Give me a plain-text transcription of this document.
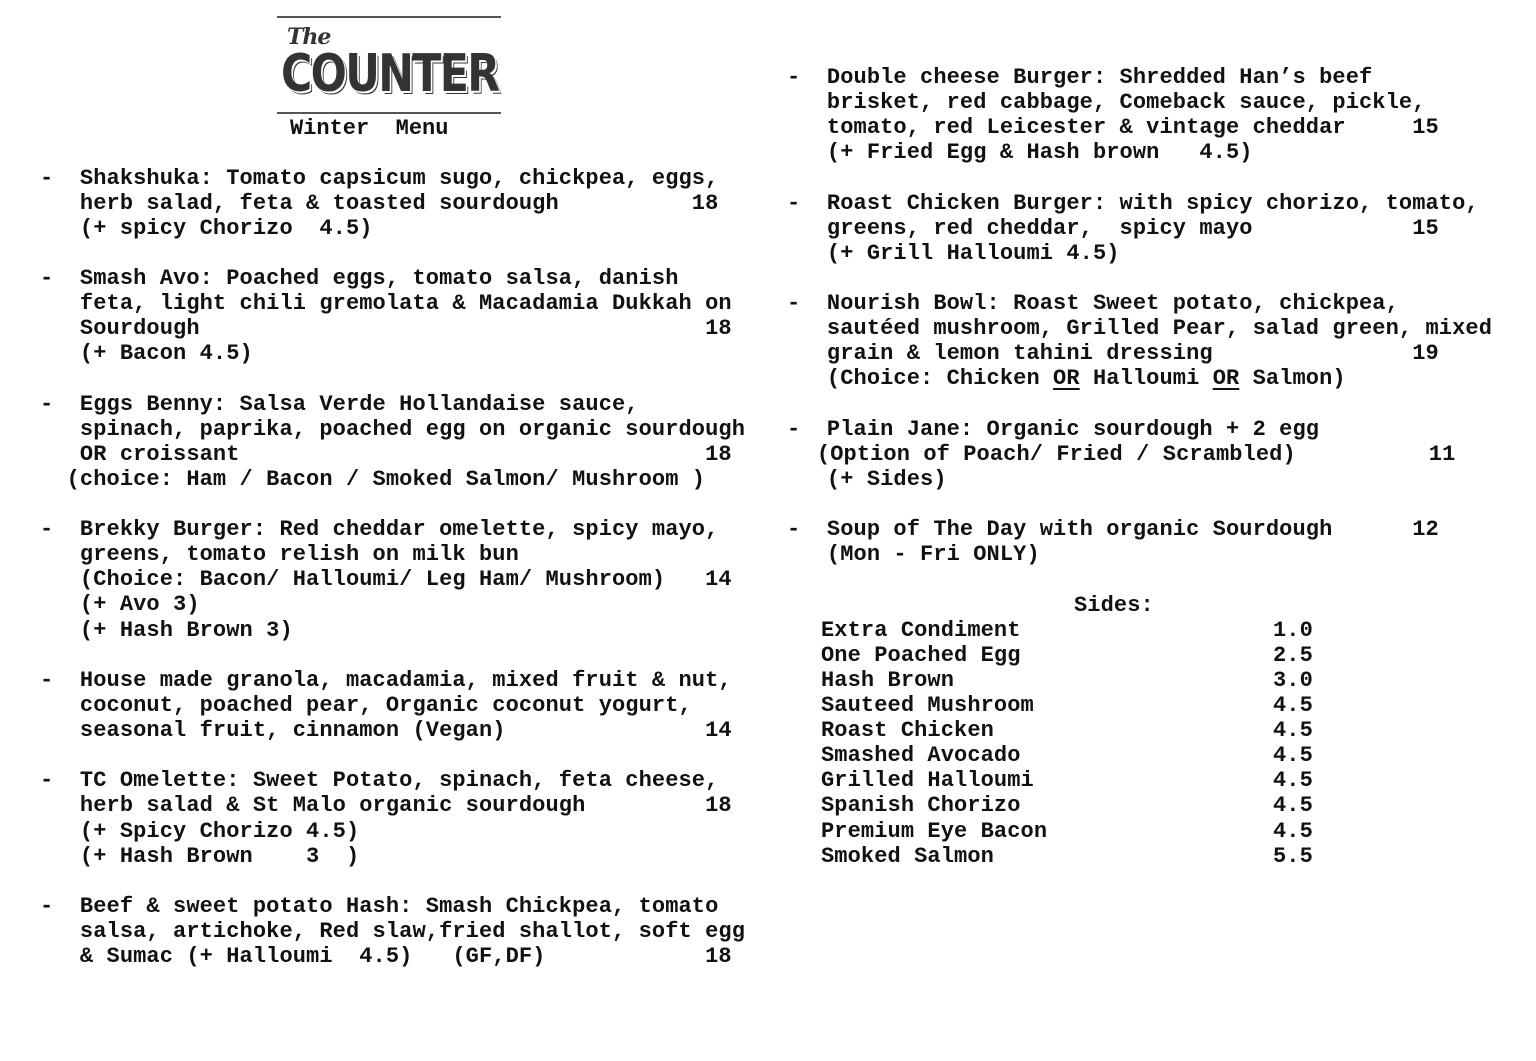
The
COUNTER
Winter  Menu
-  Shakshuka: Tomato capsicum sugo, chickpea, eggs,
herb salad, feta & toasted sourdough          18
(+ spicy Chorizo  4.5)
-  Smash Avo: Poached eggs, tomato salsa, danish
feta, light chili gremolata & Macadamia Dukkah on
Sourdough                                      18
(+ Bacon 4.5)
-  Eggs Benny: Salsa Verde Hollandaise sauce,
spinach, paprika, poached egg on organic sourdough
OR croissant                                   18
(choice: Ham / Bacon / Smoked Salmon/ Mushroom )
-  Brekky Burger: Red cheddar omelette, spicy mayo,
greens, tomato relish on milk bun
(Choice: Bacon/ Halloumi/ Leg Ham/ Mushroom)   14
(+ Avo 3)
(+ Hash Brown 3)
-  House made granola, macadamia, mixed fruit & nut,
coconut, poached pear, Organic coconut yogurt,
seasonal fruit, cinnamon (Vegan)               14
-  TC Omelette: Sweet Potato, spinach, feta cheese,
herb salad & St Malo organic sourdough         18
(+ Spicy Chorizo 4.5)
(+ Hash Brown    3  )
-  Beef & sweet potato Hash: Smash Chickpea, tomato
salsa, artichoke, Red slaw,fried shallot, soft egg
& Sumac (+ Halloumi  4.5)   (GF,DF)            18
-  Double cheese Burger: Shredded Han’s beef
brisket, red cabbage, Comeback sauce, pickle,
tomato, red Leicester & vintage cheddar     15
(+ Fried Egg & Hash brown   4.5)
-  Roast Chicken Burger: with spicy chorizo, tomato,
greens, red cheddar,  spicy mayo            15
(+ Grill Halloumi 4.5)
-  Nourish Bowl: Roast Sweet potato, chickpea,
sautéed mushroom, Grilled Pear, salad green, mixed
grain & lemon tahini dressing               19
(Choice: Chicken OR Halloumi OR Salmon)
-  Plain Jane: Organic sourdough + 2 egg
(Option of Poach/ Fried / Scrambled)          11
(+ Sides)
-  Soup of The Day with organic Sourdough      12
(Mon - Fri ONLY)
Sides:
Extra Condiment	1.0
One Poached Egg	2.5
Hash Brown	3.0
Sauteed Mushroom	4.5
Roast Chicken	4.5
Smashed Avocado	4.5
Grilled Halloumi	4.5
Spanish Chorizo	4.5
Premium Eye Bacon	4.5
Smoked Salmon	5.5
